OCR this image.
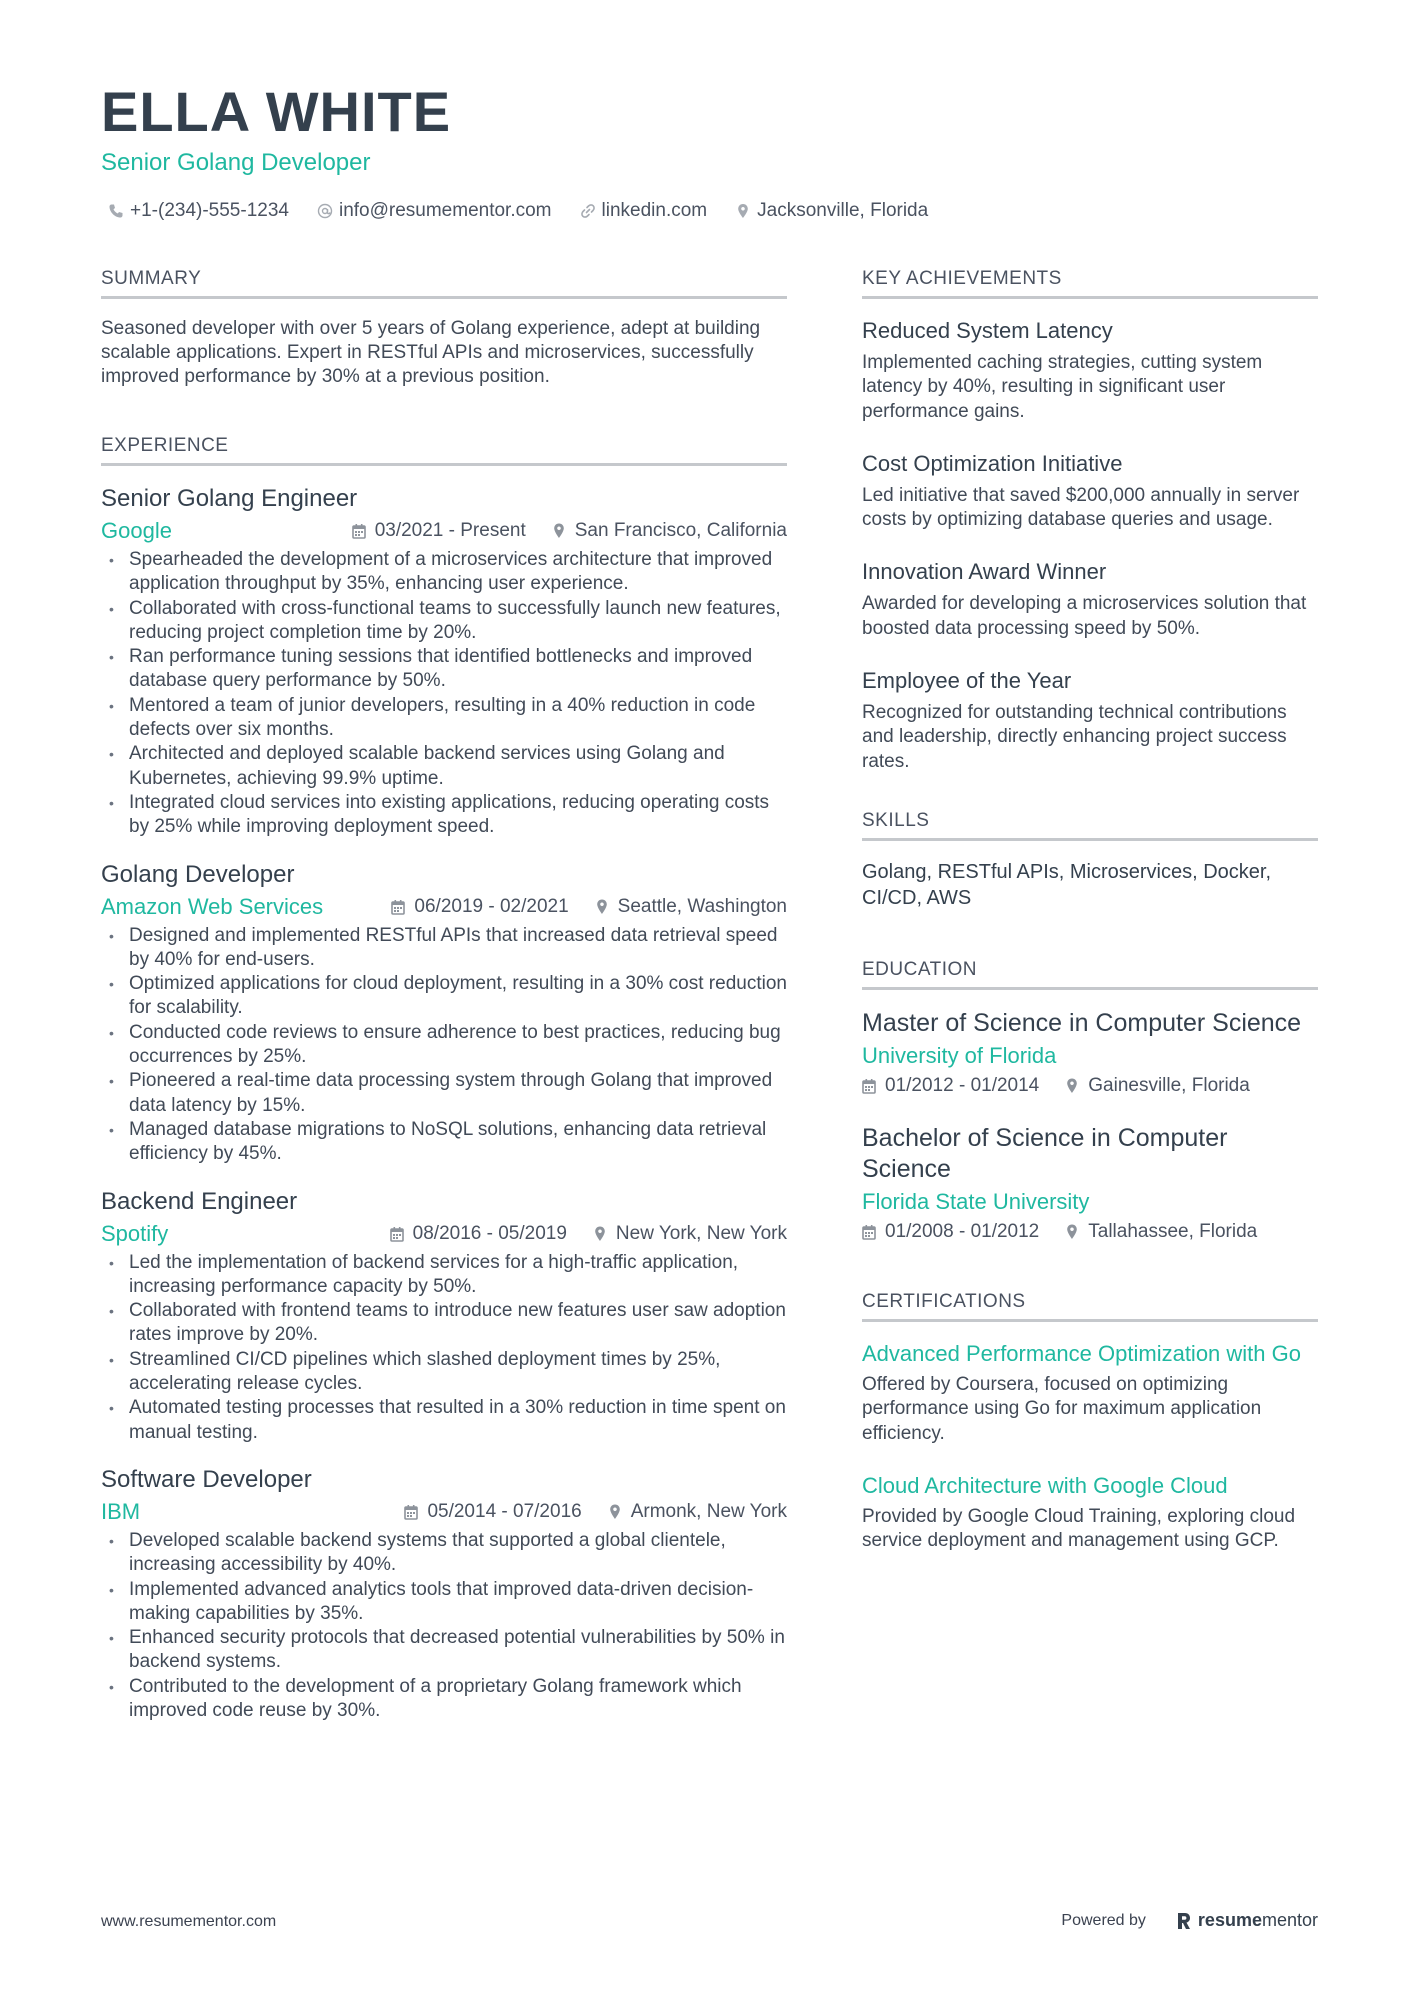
ELLA WHITE
Senior Golang Developer
+1-(234)-555-1234	info@resumementor.com	linkedin.com	Jacksonville, Florida
SUMMARY
Seasoned developer with over 5 years of Golang experience, adept at building scalable applications. Expert in RESTful APIs and microservices, successfully improved performance by 30% at a previous position.
EXPERIENCE
Senior Golang Engineer
Google	03/2021 - Present	San Francisco, California
• Spearheaded the development of a microservices architecture that improved application throughput by 35%, enhancing user experience.
• Collaborated with cross-functional teams to successfully launch new features, reducing project completion time by 20%.
• Ran performance tuning sessions that identified bottlenecks and improved database query performance by 50%.
• Mentored a team of junior developers, resulting in a 40% reduction in code defects over six months.
• Architected and deployed scalable backend services using Golang and Kubernetes, achieving 99.9% uptime.
• Integrated cloud services into existing applications, reducing operating costs by 25% while improving deployment speed.
Golang Developer
Amazon Web Services	06/2019 - 02/2021	Seattle, Washington
• Designed and implemented RESTful APIs that increased data retrieval speed by 40% for end-users.
• Optimized applications for cloud deployment, resulting in a 30% cost reduction for scalability.
• Conducted code reviews to ensure adherence to best practices, reducing bug occurrences by 25%.
• Pioneered a real-time data processing system through Golang that improved data latency by 15%.
• Managed database migrations to NoSQL solutions, enhancing data retrieval efficiency by 45%.
Backend Engineer
Spotify	08/2016 - 05/2019	New York, New York
• Led the implementation of backend services for a high-traffic application, increasing performance capacity by 50%.
• Collaborated with frontend teams to introduce new features user saw adoption rates improve by 20%.
• Streamlined CI/CD pipelines which slashed deployment times by 25%, accelerating release cycles.
• Automated testing processes that resulted in a 30% reduction in time spent on manual testing.
Software Developer
IBM	05/2014 - 07/2016	Armonk, New York
• Developed scalable backend systems that supported a global clientele, increasing accessibility by 40%.
• Implemented advanced analytics tools that improved data-driven decision-making capabilities by 35%.
• Enhanced security protocols that decreased potential vulnerabilities by 50% in backend systems.
• Contributed to the development of a proprietary Golang framework which improved code reuse by 30%.
KEY ACHIEVEMENTS
Reduced System Latency
Implemented caching strategies, cutting system latency by 40%, resulting in significant user performance gains.
Cost Optimization Initiative
Led initiative that saved $200,000 annually in server costs by optimizing database queries and usage.
Innovation Award Winner
Awarded for developing a microservices solution that boosted data processing speed by 50%.
Employee of the Year
Recognized for outstanding technical contributions and leadership, directly enhancing project success rates.
SKILLS
Golang, RESTful APIs, Microservices, Docker, CI/CD, AWS
EDUCATION
Master of Science in Computer Science
University of Florida
01/2012 - 01/2014	Gainesville, Florida
Bachelor of Science in Computer Science
Florida State University
01/2008 - 01/2012	Tallahassee, Florida
CERTIFICATIONS
Advanced Performance Optimization with Go
Offered by Coursera, focused on optimizing performance using Go for maximum application efficiency.
Cloud Architecture with Google Cloud
Provided by Google Cloud Training, exploring cloud service deployment and management using GCP.
www.resumementor.com	Powered by	resume mentor
